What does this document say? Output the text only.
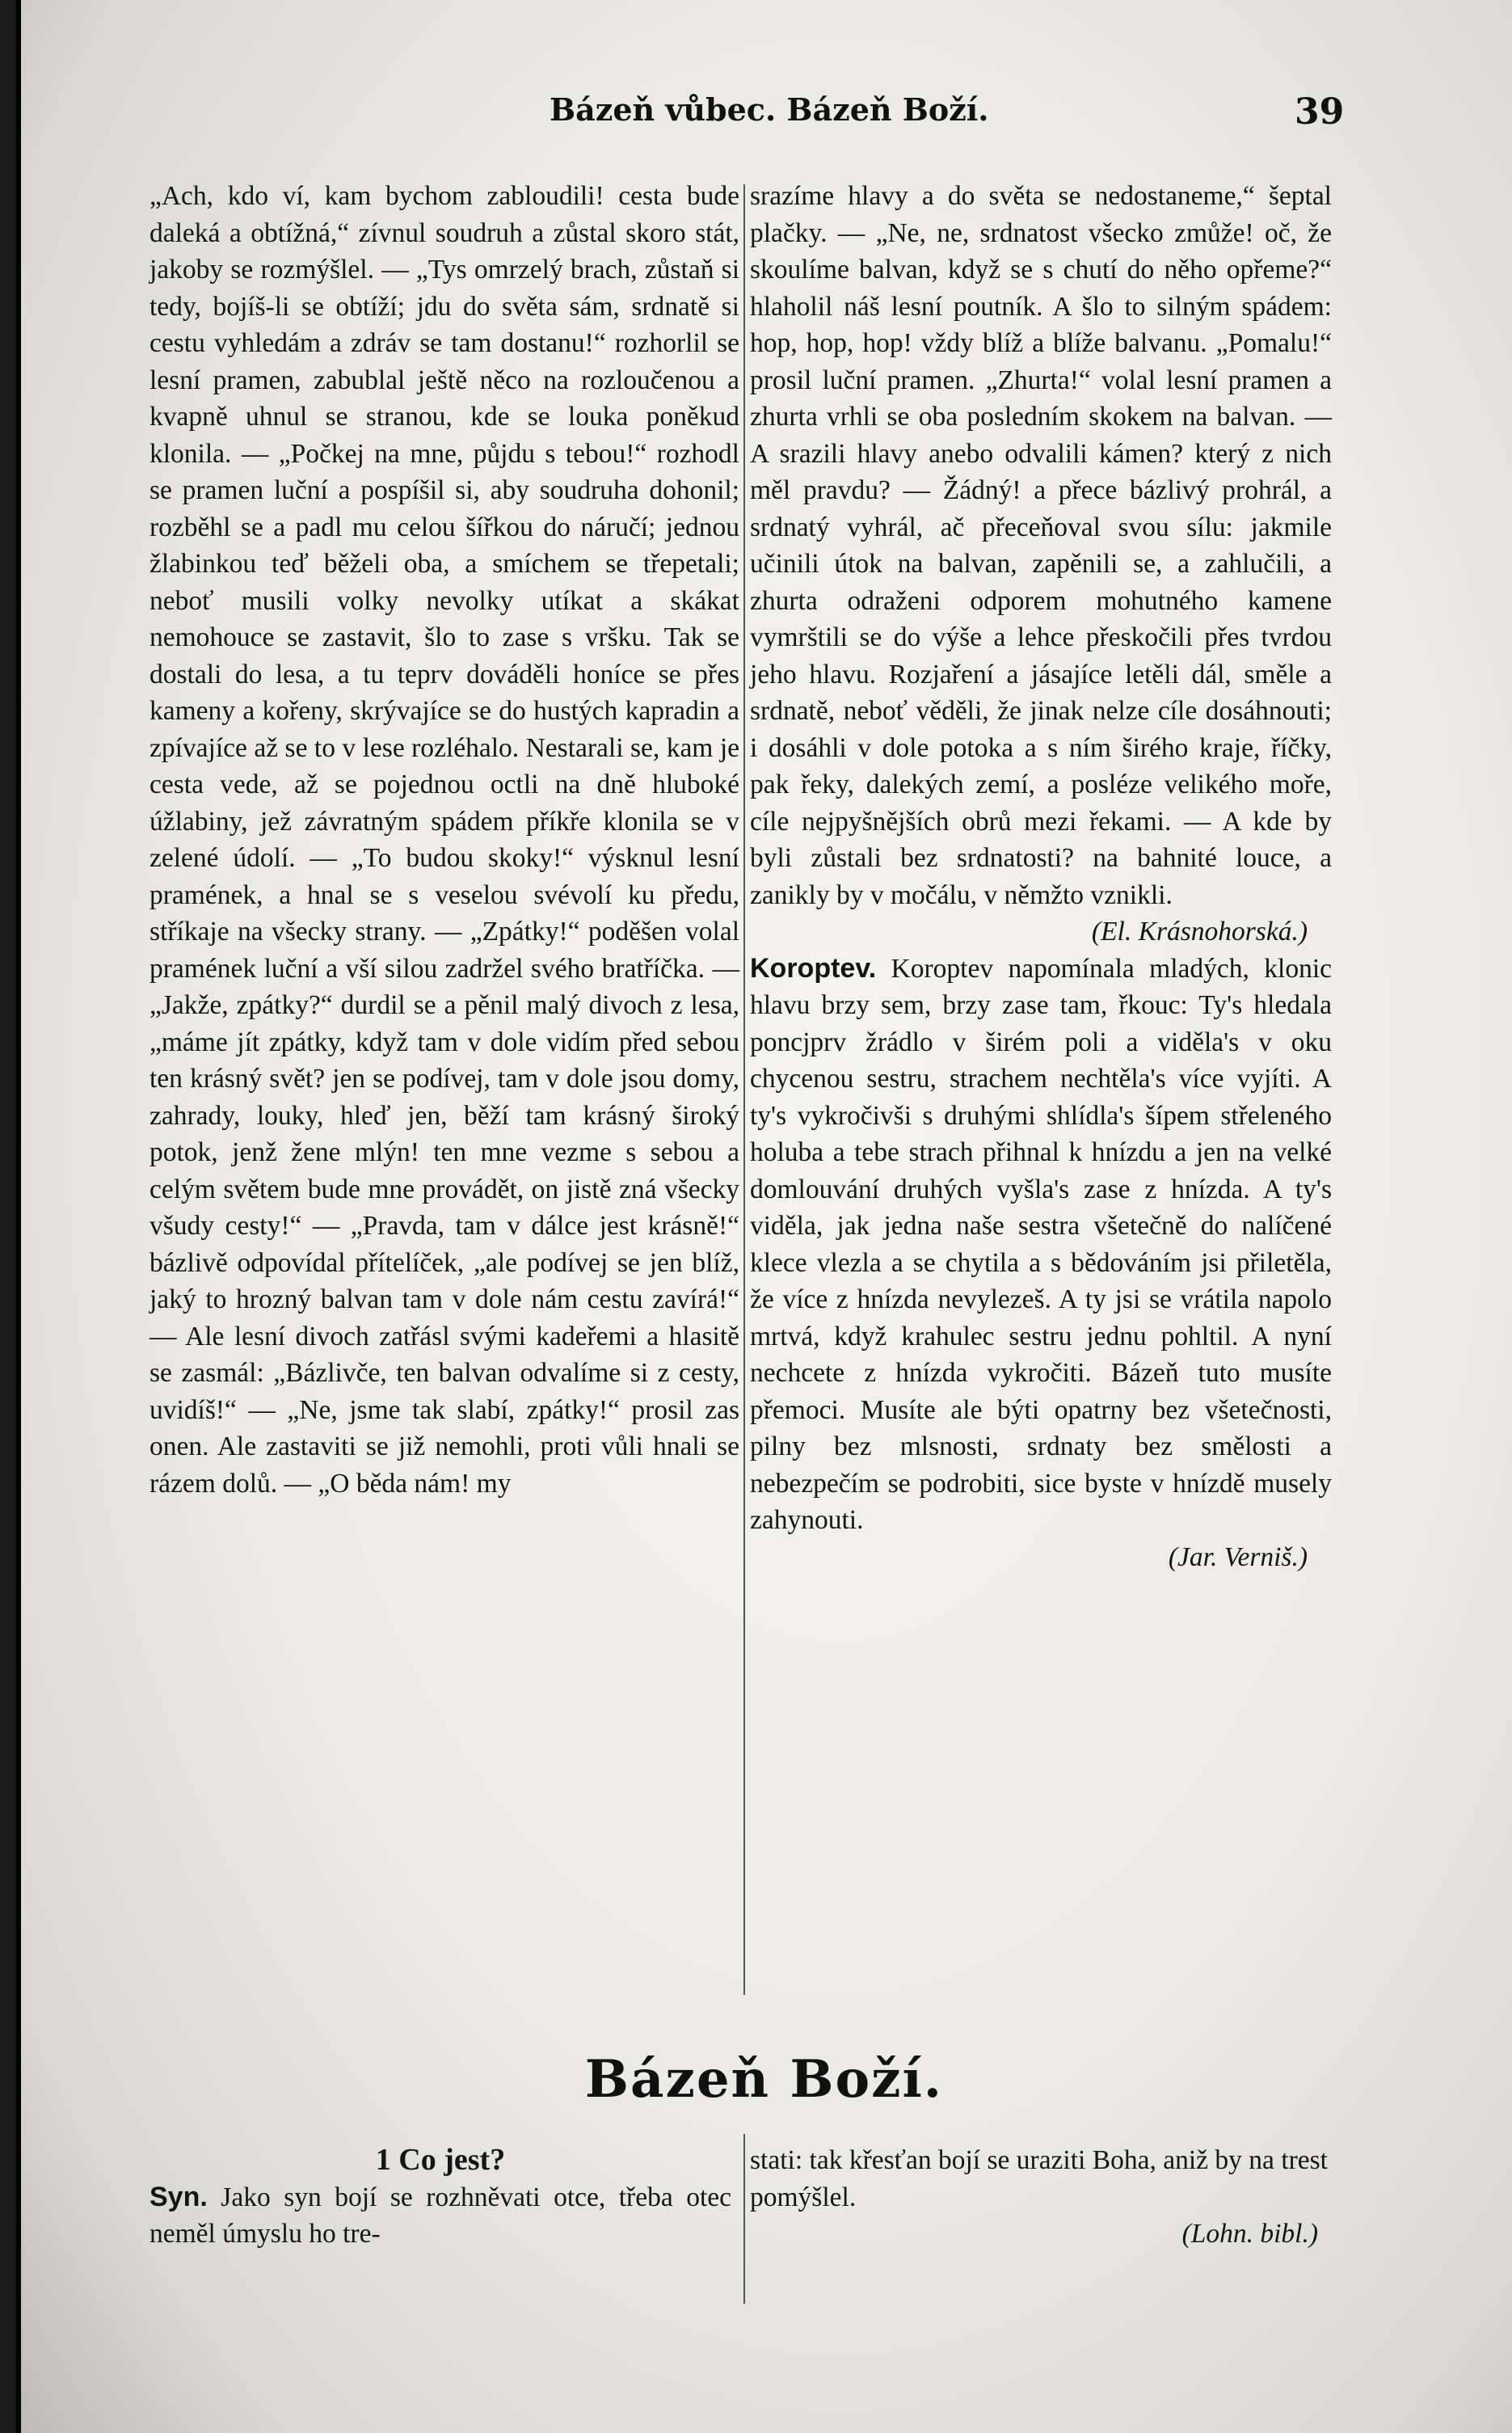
Bázeň vůbec. Bázeň Boží.	39

„Ach, kdo ví, kam bychom zabloudili! cesta bude daleká a obtížná,“ zívnul soudruh a zůstal skoro stát, jakoby se rozmýšlel. — „Tys omrzelý brach, zůstaň si tedy, bojíš-li se obtíží; jdu do světa sám, srdnatě si cestu vyhledám a zdráv se tam dostanu!“ rozhorlil se lesní pramen, zabublal ještě něco na rozloučenou a kvapně uhnul se stranou, kde se louka poněkud klonila. — „Počkej na mne, půjdu s tebou!“ rozhodl se pramen luční a pospíšil si, aby soudruha dohonil; rozběhl se a padl mu celou šířkou do náručí; jednou žlabinkou teď běželi oba, a smíchem se třepetali; neboť musili volky nevolky utíkat a skákat nemohouce se zastavit, šlo to zase s vršku. Tak se dostali do lesa, a tu teprv dováděli honíce se přes kameny a kořeny, skrývajíce se do hustých kapradin a zpívajíce až se to v lese rozléhalo. Nestarali se, kam je cesta vede, až se pojednou octli na dně hluboké úžlabiny, jež závratným spádem příkře klonila se v zelené údolí. — „To budou skoky!“ výsknul lesní pramének, a hnal se s veselou svévolí ku předu, stříkaje na všecky strany. — „Zpátky!“ poděšen volal pramének luční a vší silou zadržel svého bratříčka. — „Jakže, zpátky?“ durdil se a pěnil malý divoch z lesa, „máme jít zpátky, když tam v dole vidím před sebou ten krásný svět? jen se podívej, tam v dole jsou domy, zahrady, louky, hleď jen, běží tam krásný široký potok, jenž žene mlýn! ten mne vezme s sebou a celým světem bude mne provádět, on jistě zná všecky všudy cesty!“ — „Pravda, tam v dálce jest krásně!“ bázlivě odpovídal přítelíček, „ale podívej se jen blíž, jaký to hrozný balvan tam v dole nám cestu zavírá!“ — Ale lesní divoch zatřásl svými kadeřemi a hlasitě se zasmál: „Bázlivče, ten balvan odvalíme si z cesty, uvidíš!“ — „Ne, jsme tak slabí, zpátky!“ prosil zas onen. Ale zastaviti se již nemohli, proti vůli hnali se rázem dolů. — „O běda nám! my

srazíme hlavy a do světa se nedostaneme,“ šeptal plačky. — „Ne, ne, srdnatost všecko zmůže! oč, že skoulíme balvan, když se s chutí do něho opřeme?“ hlaholil náš lesní poutník. A šlo to silným spádem: hop, hop, hop! vždy blíž a blíže balvanu. „Pomalu!“ prosil luční pramen. „Zhurta!“ volal lesní pramen a zhurta vrhli se oba posledním skokem na balvan. — A srazili hlavy anebo odvalili kámen? který z nich měl pravdu? — Žádný! a přece bázlivý prohrál, a srdnatý vyhrál, ač přeceňoval svou sílu: jakmile učinili útok na balvan, zapěnili se, a zahlučili, a zhurta odraženi odporem mohutného kamene vymrštili se do výše a lehce přeskočili přes tvrdou jeho hlavu. Rozjaření a jásajíce letěli dál, směle a srdnatě, neboť věděli, že jinak nelze cíle dosáhnouti; i dosáhli v dole potoka a s ním širého kraje, říčky, pak řeky, dalekých zemí, a posléze velikého moře, cíle nejpyšnějších obrů mezi řekami. — A kde by byli zůstali bez srdnatosti? na bahnité louce, a zanikly by v močálu, v němžto vznikli.

(El. Krásnohorská.)

Koroptev. Koroptev napomínala mladých, klonic hlavu brzy sem, brzy zase tam, řkouc: Ty's hledala poncjprv žrádlo v širém poli a viděla's v oku chycenou sestru, strachem nechtěla's více vyjíti. A ty's vykročivši s druhými shlídla's šípem střeleného holuba a tebe strach přihnal k hnízdu a jen na velké domlouvání druhých vyšla's zase z hnízda. A ty's viděla, jak jedna naše sestra všetečně do nalíčené klece vlezla a se chytila a s bědováním jsi přiletěla, že více z hnízda nevylezeš. A ty jsi se vrátila napolo mrtvá, když krahulec sestru jednu pohltil. A nyní nechcete z hnízda vykročiti. Bázeň tuto musíte přemoci. Musíte ale býti opatrny bez všetečnosti, pilny bez mlsnosti, srdnaty bez smělosti a nebezpečím se podrobiti, sice byste v hnízdě musely zahynouti.

(Jar. Verniš.)

Bázeň Boží.

1 Co jest?

Syn. Jako syn bojí se rozhněvati otce, třeba otec neměl úmyslu ho tre-

stati: tak křesťan bojí se uraziti Boha, aniž by na trest pomýšlel.

(Lohn. bibl.)
